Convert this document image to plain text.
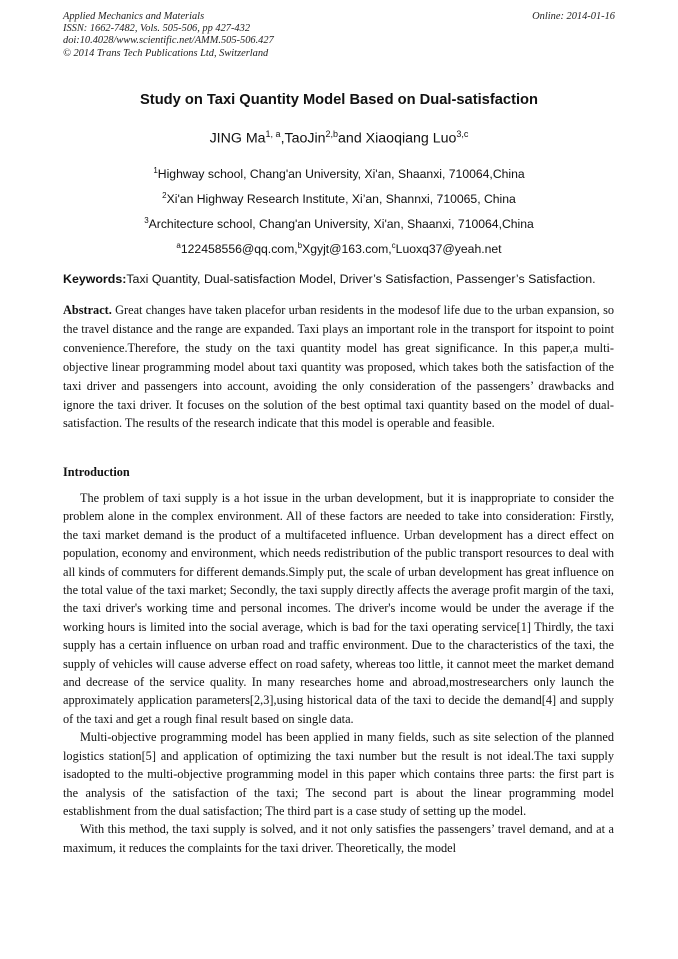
Applied Mechanics and Materials
ISSN: 1662-7482, Vols. 505-506, pp 427-432
doi:10.4028/www.scientific.net/AMM.505-506.427
© 2014 Trans Tech Publications Ltd, Switzerland
Online: 2014-01-16
Study on Taxi Quantity Model Based on Dual-satisfaction
JING Ma$^{1, a}$,TaoJin$^{2,b}$and Xiaoqiang Luo$^{3,c}$
$^1$Highway school, Chang'an University, Xi'an, Shaanxi, 710064,China
$^2$Xi'an Highway Research Institute, Xi’an, Shannxi, 710065, China
$^3$Architecture school, Chang'an University, Xi'an, Shaanxi, 710064,China
$^a$122458556@qq.com,$^b$Xgyjt@163.com,$^c$Luoxq37@yeah.net
Keywords:Taxi Quantity, Dual-satisfaction Model, Driver’s Satisfaction, Passenger’s Satisfaction.
Abstract. Great changes have taken placefor urban residents in the modesof life due to the urban expansion, so the travel distance and the range are expanded. Taxi plays an important role in the transport for itspoint to point convenience.Therefore, the study on the taxi quantity model has great significance. In this paper,a multi-objective linear programming model about taxi quantity was proposed, which takes both the satisfaction of the taxi driver and passengers into account, avoiding the only consideration of the passengers’ drawbacks and ignore the taxi driver. It focuses on the solution of the best optimal taxi quantity based on the model of dual-satisfaction. The results of the research indicate that this model is operable and feasible.
Introduction

The problem of taxi supply is a hot issue in the urban development, but it is inappropriate to consider the problem alone in the complex environment. All of these factors are needed to take into consideration: Firstly, the taxi market demand is the product of a multifaceted influence. Urban development has a direct effect on population, economy and environment, which needs redistribution of the public transport resources to deal with all kinds of commuters for different demands.Simply put, the scale of urban development has great influence on the total value of the taxi market; Secondly, the taxi supply directly affects the average profit margin of the taxi, the taxi driver's working time and personal incomes. The driver's income would be under the average if the working hours is limited into the social average, which is bad for the taxi operating service[1] Thirdly, the taxi supply has a certain influence on urban road and traffic environment. Due to the characteristics of the taxi, the supply of vehicles will cause adverse effect on road safety, whereas too little, it cannot meet the market demand and decrease of the service quality. In many researches home and abroad,mostresearchers only launch the approximately application parameters[2,3],using historical data of the taxi to decide the demand[4] and supply of the taxi and get a rough final result based on single data.

Multi-objective programming model has been applied in many fields, such as site selection of the planned logistics station[5] and application of optimizing the taxi number but the result is not ideal.The taxi supply isadopted to the multi-objective programming model in this paper which contains three parts: the first part is the analysis of the satisfaction of the taxi; The second part is about the linear programming model establishment from the dual satisfaction; The third part is a case study of setting up the model.

With this method, the taxi supply is solved, and it not only satisfies the passengers’ travel demand, and at a maximum, it reduces the complaints for the taxi driver. Theoretically, the model
